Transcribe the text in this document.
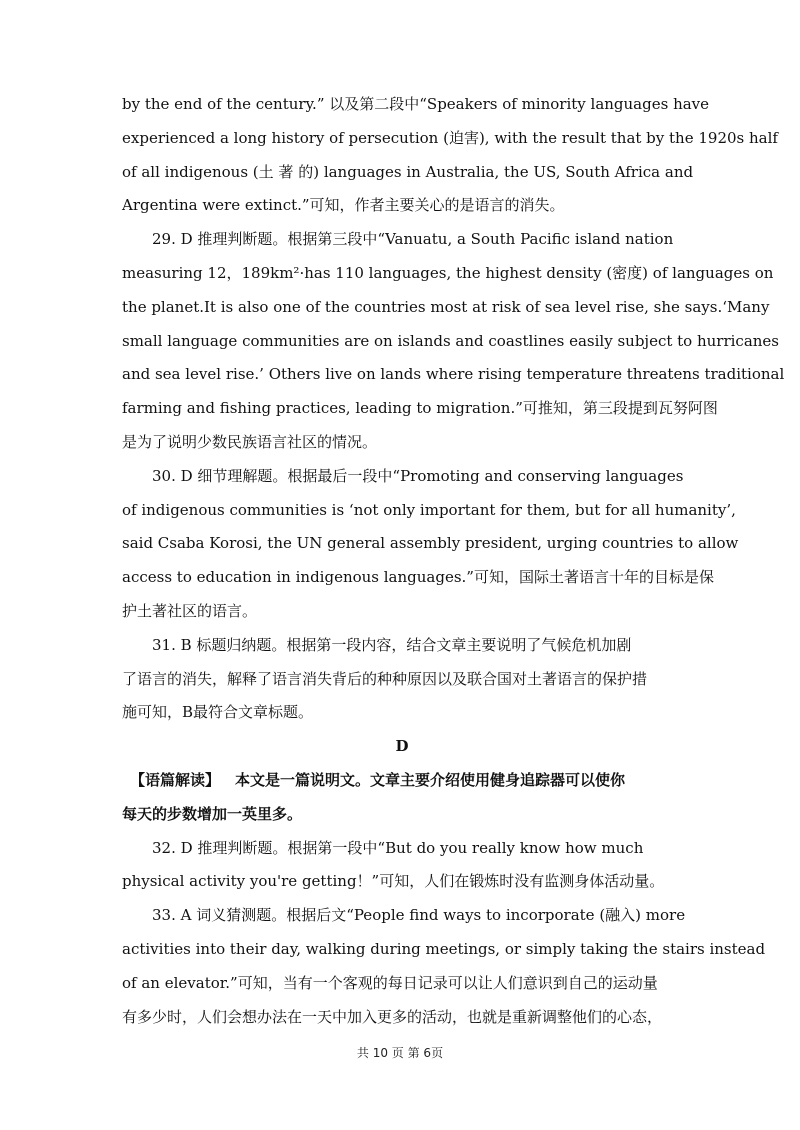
by the end of the century.” 以及第二段中“Speakers of minority languages have
experienced a long history of persecution (迫害), with the result that by the 1920s half
of all indigenous (土 著 的) languages in Australia, the US, South Africa and
Argentina were extinct.”可知，作者主要关心的是语言的消失。
29. D 推理判断题。根据第三段中“Vanuatu, a South Pacific island nation
measuring 12，189km²·has 110 languages, the highest density (密度) of languages on
the planet.It is also one of the countries most at risk of sea level rise, she says.‘Many
small language communities are on islands and coastlines easily subject to hurricanes
and sea level rise.’ Others live on lands where rising temperature threatens traditional
farming and fishing practices, leading to migration.”可推知，第三段提到瓦努阿图
是为了说明少数民族语言社区的情况。
30. D 细节理解题。根据最后一段中“Promoting and conserving languages
of indigenous communities is ‘not only important for them, but for all humanity’,
said Csaba Korosi, the UN general assembly president, urging countries to allow
access to education in indigenous languages.”可知，国际土著语言十年的目标是保
护土著社区的语言。
31. B 标题归纳题。根据第一段内容，结合文章主要说明了气候危机加剧
了语言的消失，解释了语言消失背后的种种原因以及联合国对土著语言的保护措
施可知，B最符合文章标题。
D
【语篇解读】  本文是一篇说明文。文章主要介绍使用健身追踪器可以使你
每天的步数增加一英里多。
32. D 推理判断题。根据第一段中“But do you really know how much
physical activity you're getting！”可知，人们在锻炼时没有监测身体活动量。
33. A 词义猜测题。根据后文“People find ways to incorporate (融入) more
activities into their day, walking during meetings, or simply taking the stairs instead
of an elevator.”可知，当有一个客观的每日记录可以让人们意识到自己的运动量
有多少时，人们会想办法在一天中加入更多的活动，也就是重新调整他们的心态，
共 10 页 第 6页
